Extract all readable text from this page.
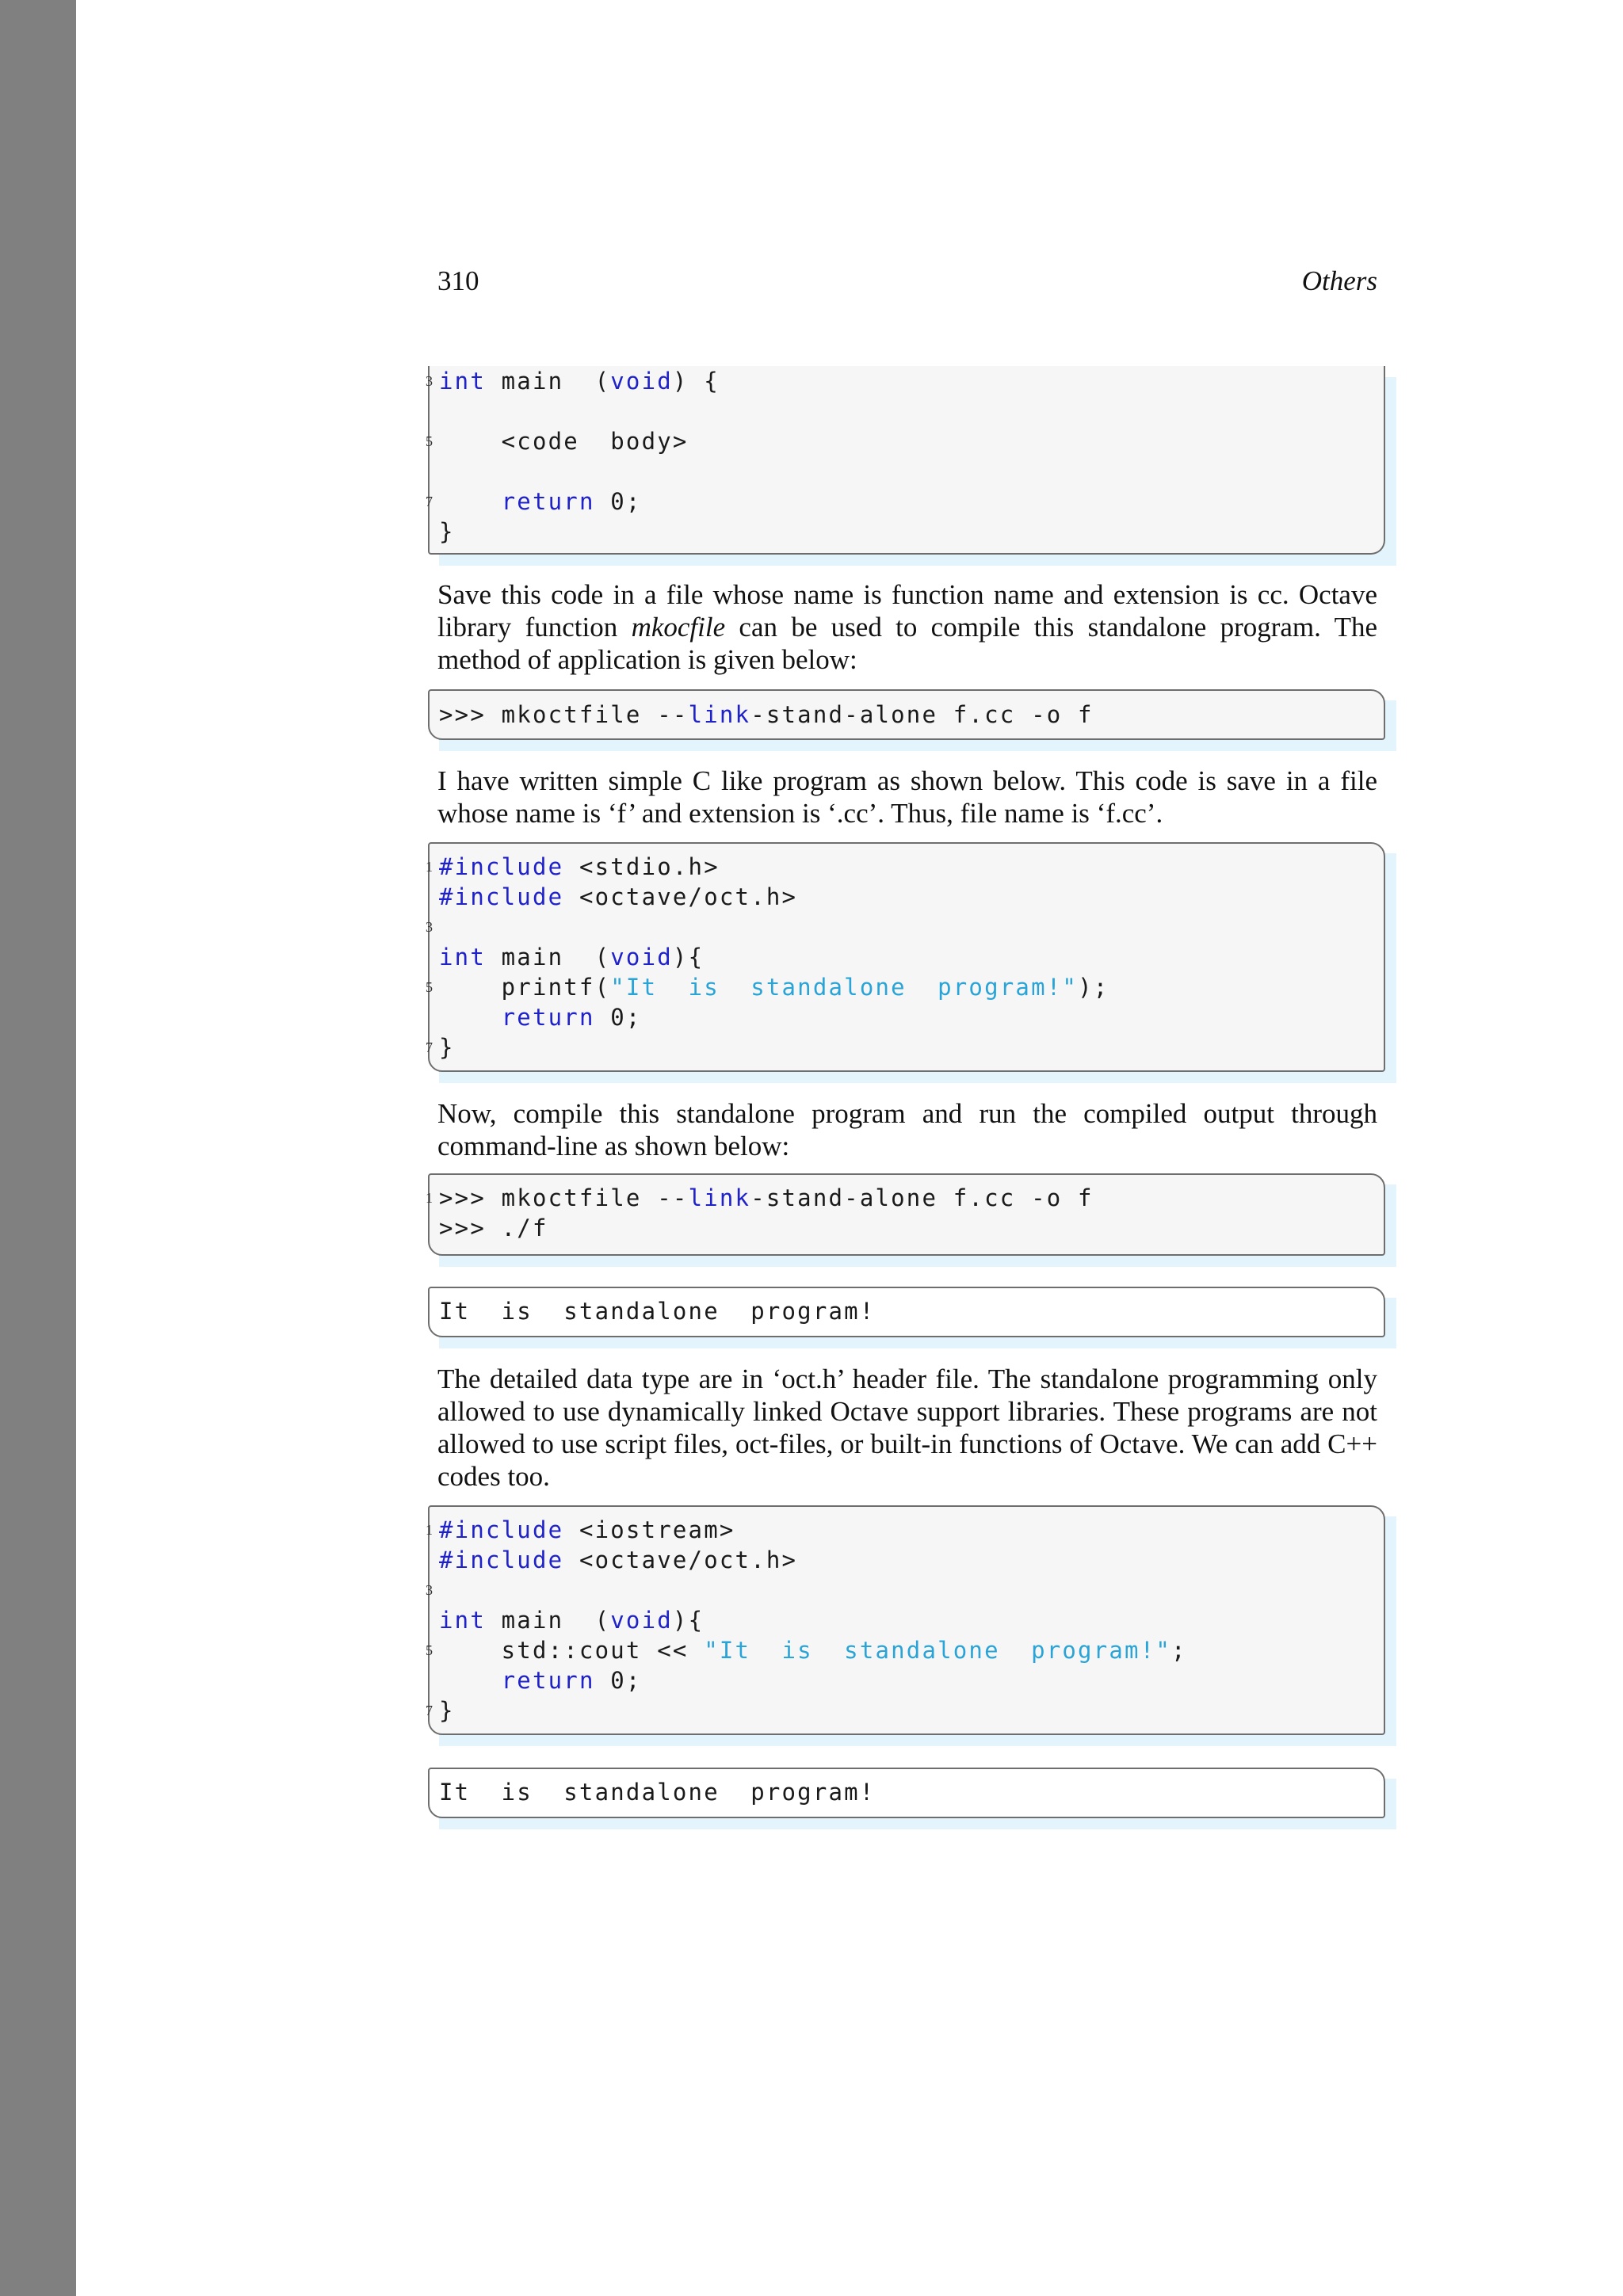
310	Others
3 int main  (void) {

5 <code  body>

7	return 0;
}

Save this code in a file whose name is function name and extension is cc. Octave library function mkocfile can be used to compile this standalone program. The method of application is given below:

>>> mkoctfile --link-stand-alone f.cc -o f

I have written simple C like program as shown below. This code is save in a file whose name is ‘f’ and extension is ‘.cc’. Thus, file name is ‘f.cc’.

1 #include <stdio.h>
#include <octave/oct.h>
3

int main  (void){
5 printf("It  is  standalone  program!");
return 0;
7 }

Now, compile this standalone program and run the compiled output through command-line as shown below:

1 >>> mkoctfile --link-stand-alone f.cc -o f
>>> ./f
It  is  standalone  program!

The detailed data type are in ‘oct.h’ header file. The standalone programming only allowed to use dynamically linked Octave support libraries. These programs are not allowed to use script files, oct-files, or built-in functions of Octave. We can add C++ codes too.

1 #include <iostream>
#include <octave/oct.h>
3

int main  (void){
5 std::cout << "It  is  standalone  program!";
return 0;
7 }
It  is  standalone  program!
